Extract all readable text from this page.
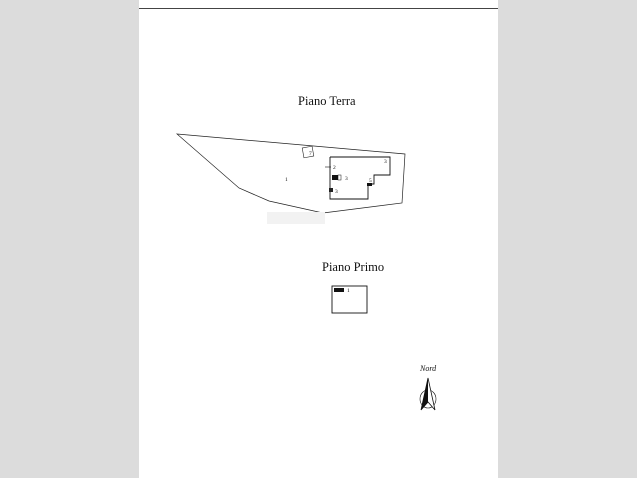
Piano Terra
Piano Primo
Nord
1
2
3
3
3
5
7
1
